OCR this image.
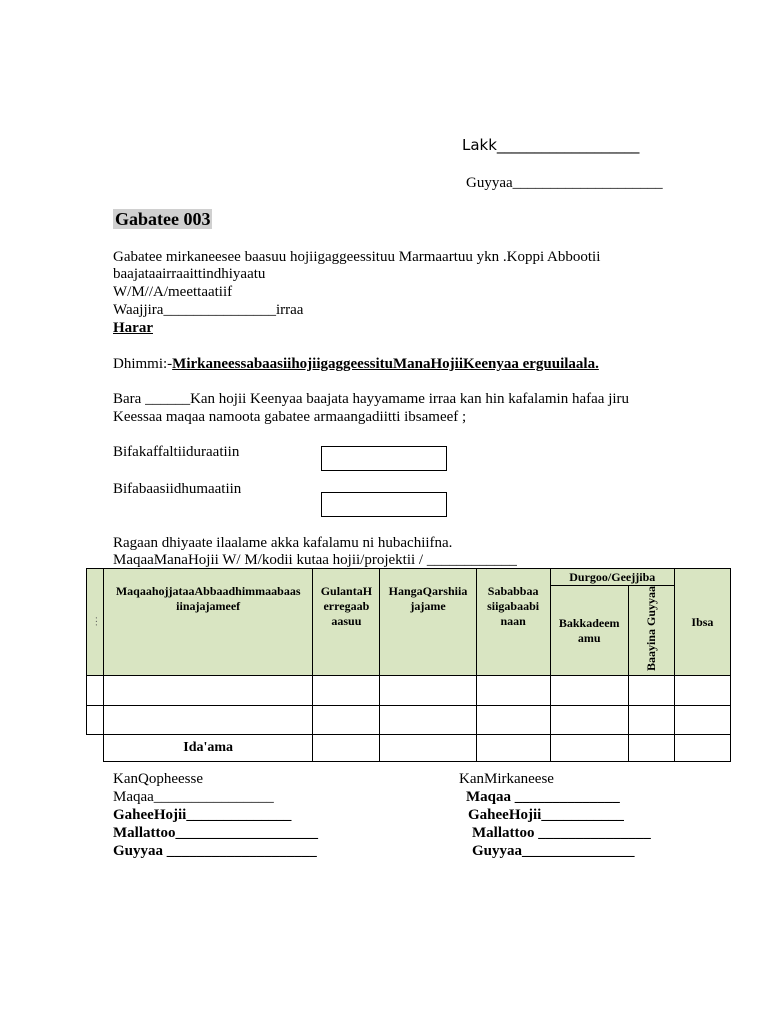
Lakk___________________
Guyyaa____________________
Gabatee 003
Gabatee mirkaneesee baasuu hojiigaggeessituu Marmaartuu ykn .Koppi Abbootii
baajataairraaittindhiyaatu
W/M//A/meettaatiif
Waajjira_______________irraa
Harar
Dhimmi:-MirkaneessabaasiihojiigaggeessituManaHojiiKeenyaa erguuilaala.
Bara ______Kan hojii Keenyaa baajata hayyamame irraa kan hin kafalamin hafaa jiru
Keessaa maqaa namoota gabatee armaangadiitti ibsameef ;
Bifakaffaltiiduraatiin
Bifabaasiidhumaatiin
Ragaan dhiyaate ilaalame akka kafalamu ni hubachiifna.
MaqaaManaHojii W/ M/kodii kutaa hojii/projektii / ____________
. . .	MaqaahojjataaAbbaadhimmaabaas iinajajameef	GulantaH erregaab aasuu	HangaQarshiia jajame	Sababbaa siigabaabi naan	Durgoo/Geejjiba		Ibsa
					Bakkadeem amu	Baayina Guyyaa	

	Ida'ama						
KanQopheesse
Maqaa________________
GaheeHojii______________
Mallattoo___________________
Guyyaa ____________________
KanMirkaneese
Maqaa ______________
GaheeHojii___________
Mallattoo _______________
Guyyaa_______________
